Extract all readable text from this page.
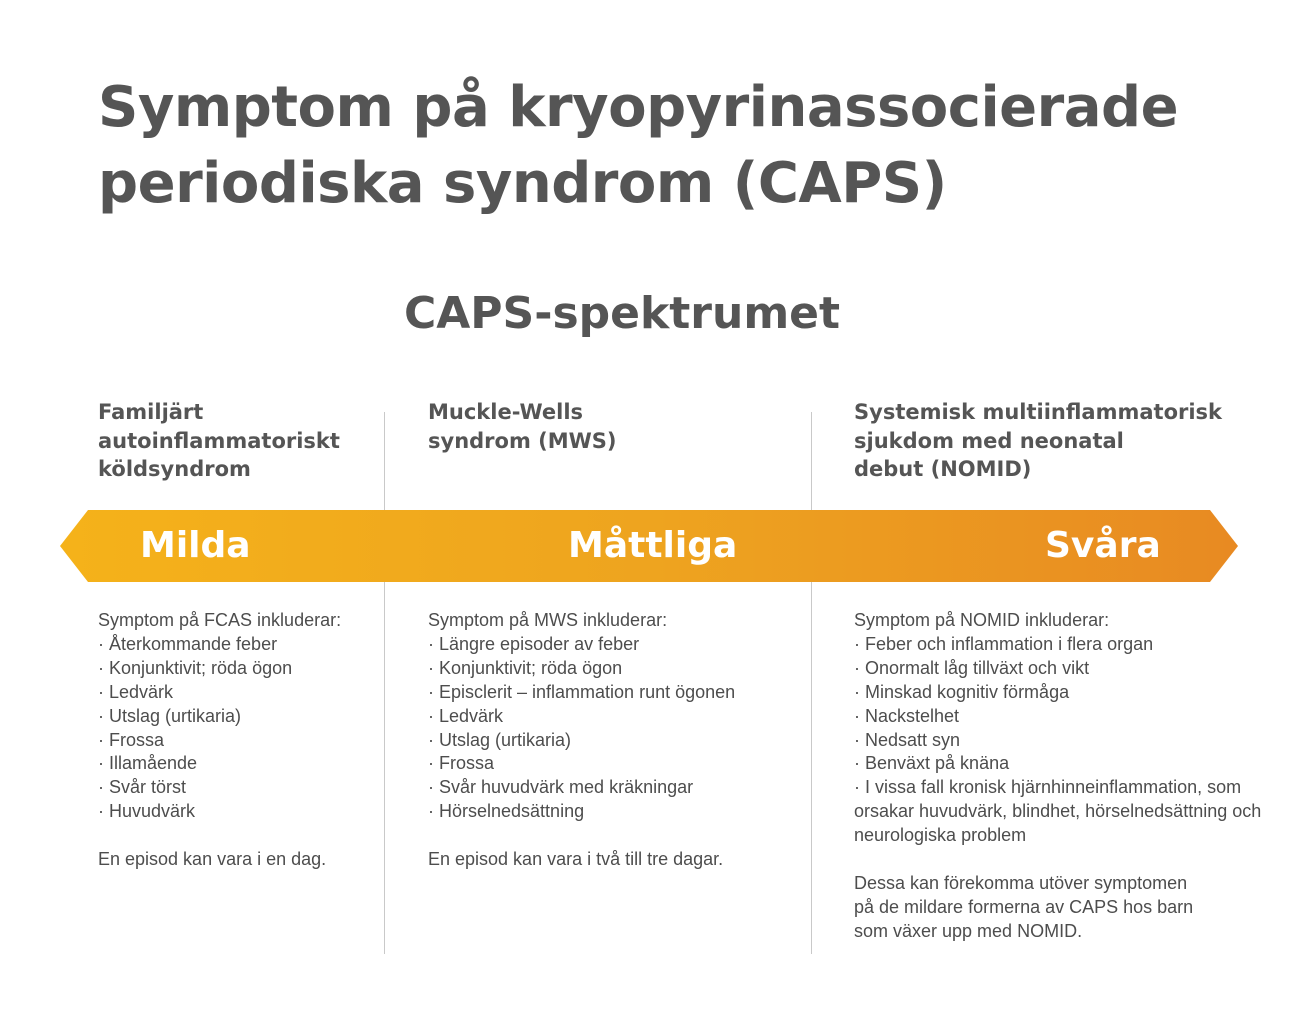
Symptom på kryopyrinassocierade
periodiska syndrom (CAPS)
CAPS-spektrumet
Familjärt
autoinflammatoriskt
köldsyndrom
Muckle-Wells
syndrom (MWS)
Systemisk multiinflammatorisk
sjukdom med neonatal
debut (NOMID)
Milda	Måttliga	Svåra
Symptom på FCAS inkluderar:
· Återkommande feber
· Konjunktivit; röda ögon
· Ledvärk
· Utslag (urtikaria)
· Frossa
· Illamående
· Svår törst
· Huvudvärk
En episod kan vara i en dag.
Symptom på MWS inkluderar:
· Längre episoder av feber
· Konjunktivit; röda ögon
· Episclerit – inflammation runt ögonen
· Ledvärk
· Utslag (urtikaria)
· Frossa
· Svår huvudvärk med kräkningar
· Hörselnedsättning
En episod kan vara i två till tre dagar.
Symptom på NOMID inkluderar:
· Feber och inflammation i flera organ
· Onormalt låg tillväxt och vikt
· Minskad kognitiv förmåga
· Nackstelhet
· Nedsatt syn
· Benväxt på knäna
· I vissa fall kronisk hjärnhinneinflammation, som
orsakar huvudvärk, blindhet, hörselnedsättning och
neurologiska problem
Dessa kan förekomma utöver symptomen
på de mildare formerna av CAPS hos barn
som växer upp med NOMID.
